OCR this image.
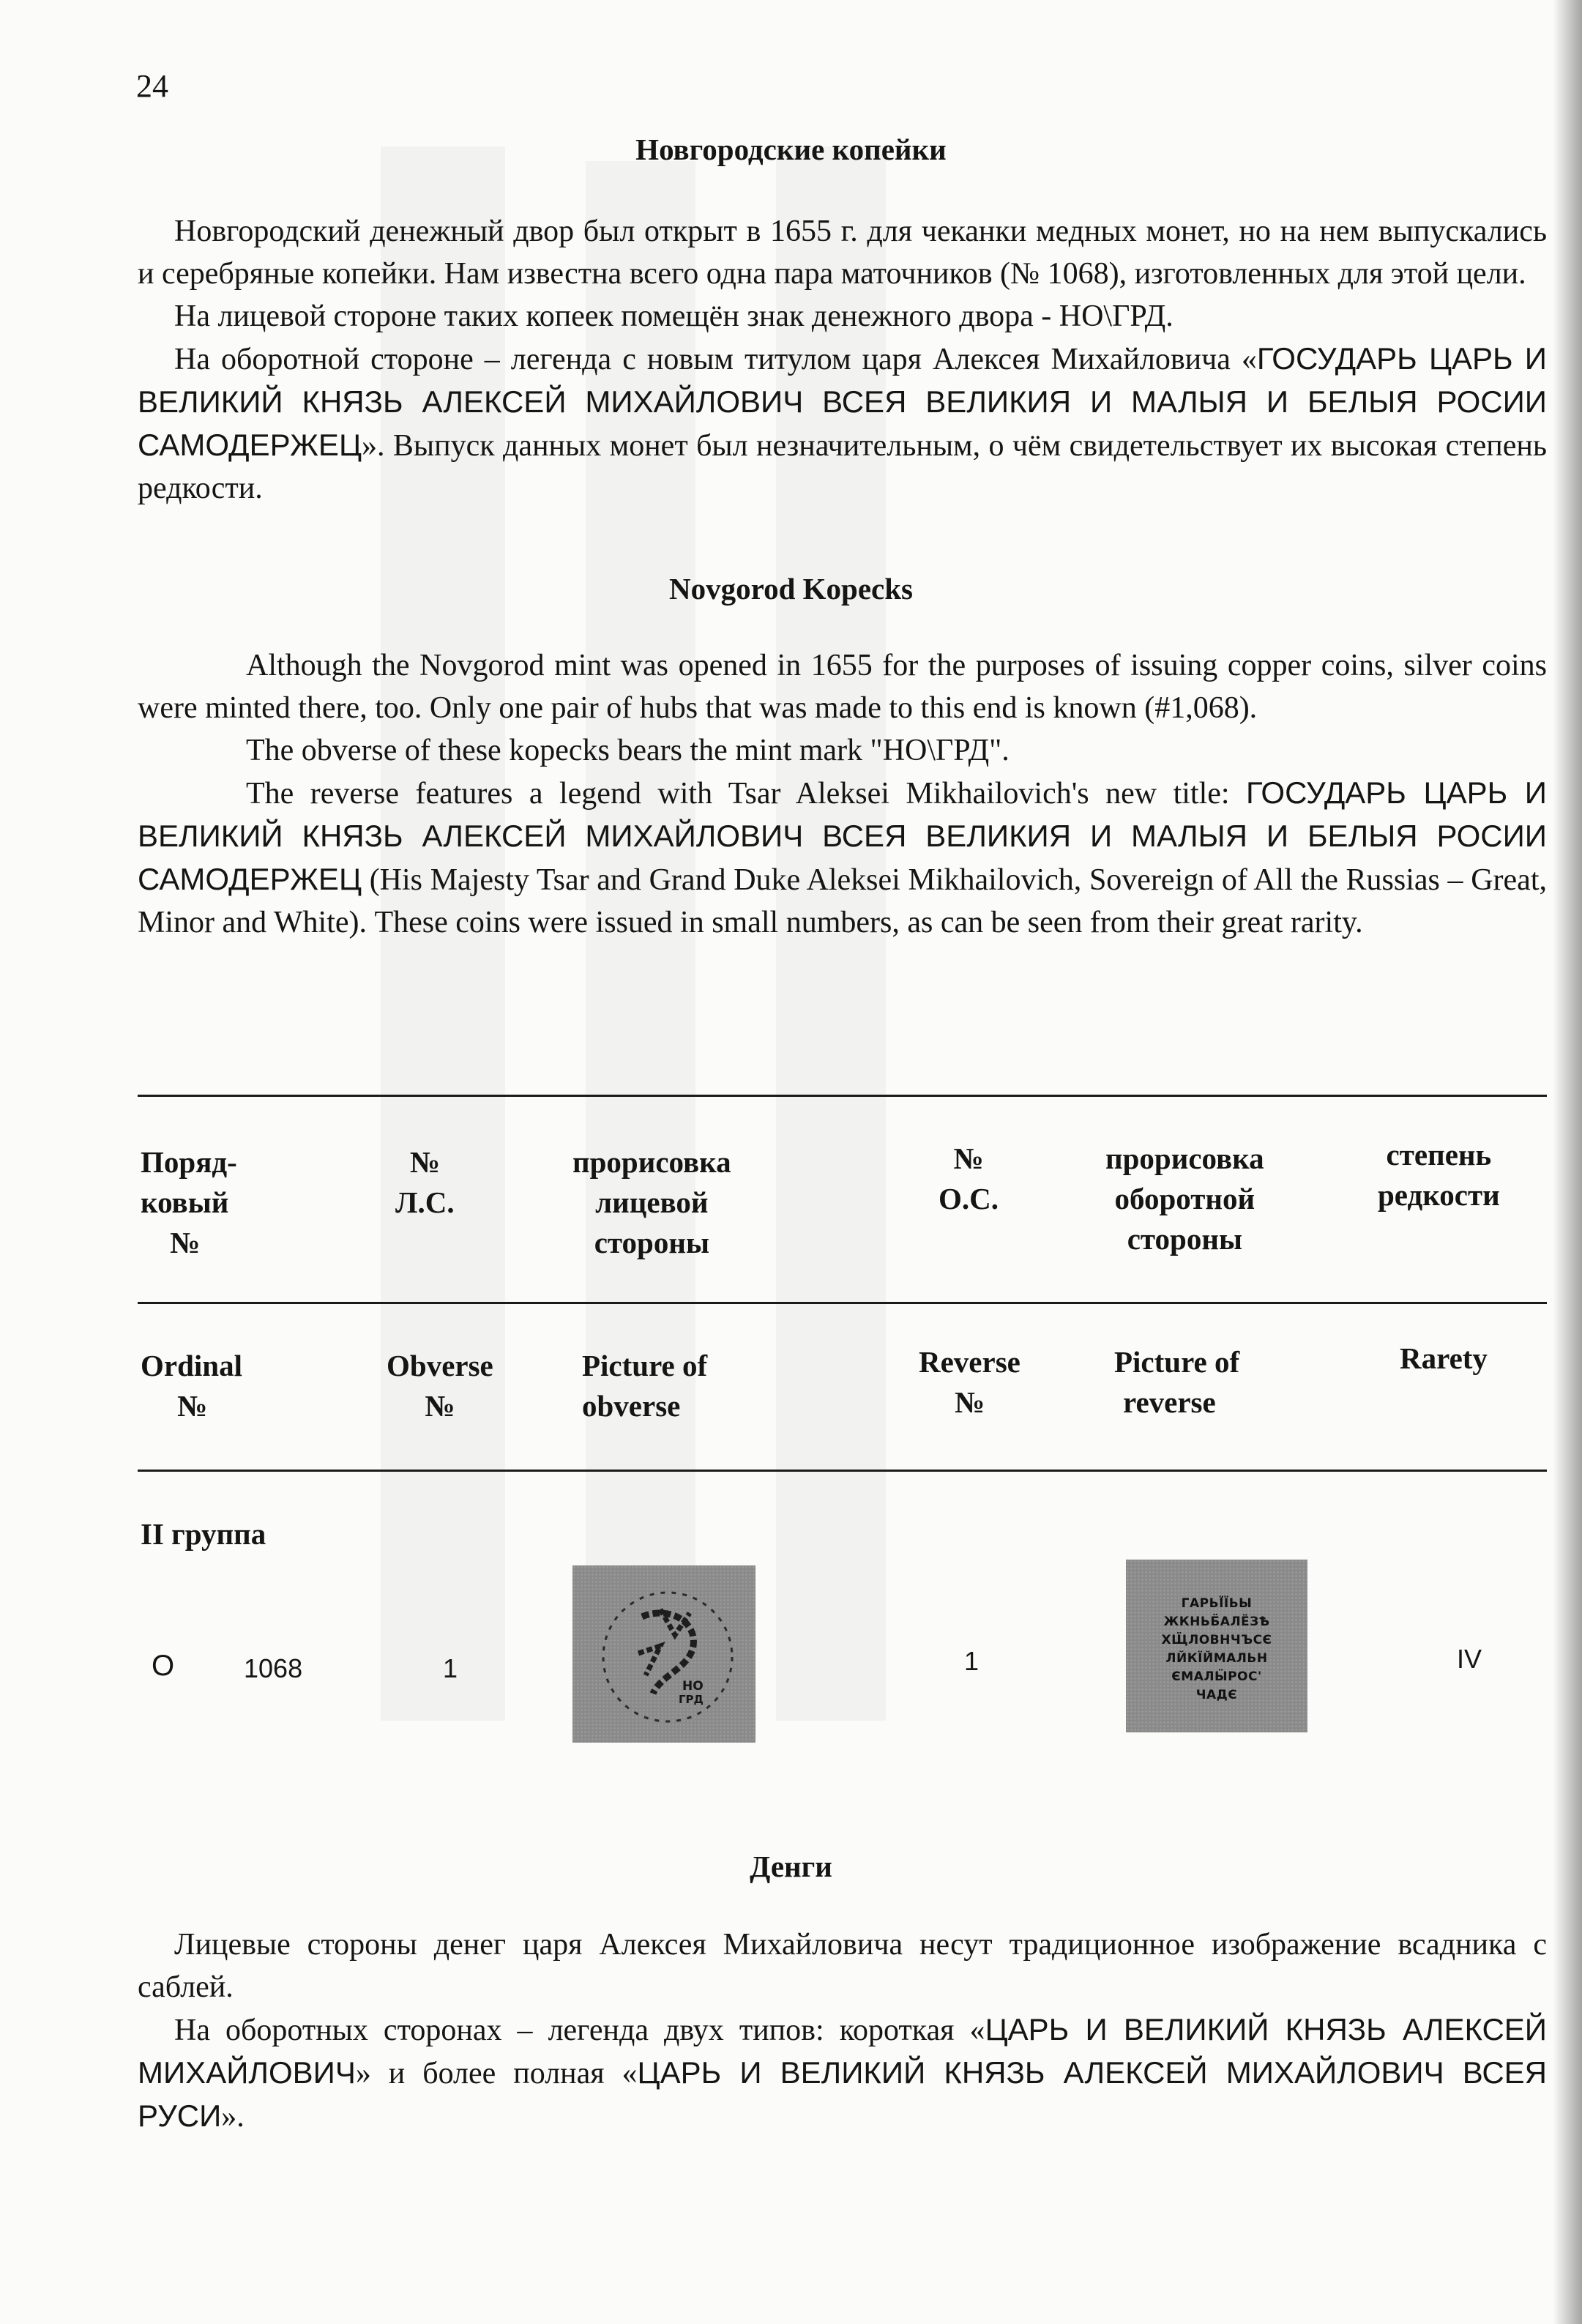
24
Новгородские копейки

Новгородский денежный двор был открыт в 1655 г. для чеканки медных монет, но на нем выпускались и серебряные копейки. Нам известна всего одна пара маточников (№ 1068), изготовленных для этой цели.

На лицевой стороне таких копеек помещён знак денежного двора - НО\ГРД.

На оборотной стороне – легенда с новым титулом царя Алексея Михайловича «ГОСУДАРЬ ЦАРЬ И ВЕЛИКИЙ КНЯЗЬ АЛЕКСЕЙ МИХАЙЛОВИЧ ВСЕЯ ВЕЛИКИЯ И МАЛЫЯ И БЕЛЫЯ РОСИИ САМОДЕРЖЕЦ». Выпуск данных монет был незначительным, о чём свидетельствует их высокая степень редкости.

Novgorod Kopecks

Although the Novgorod mint was opened in 1655 for the purposes of issuing copper coins, silver coins were minted there, too. Only one pair of hubs that was made to this end is known (#1,068).

The obverse of these kopecks bears the mint mark "НО\ГРД".

The reverse features a legend with Tsar Aleksei Mikhailovich's new title: ГОСУДАРЬ ЦАРЬ И ВЕЛИКИЙ КНЯЗЬ АЛЕКСЕЙ МИХАЙЛОВИЧ ВСЕЯ ВЕЛИКИЯ И МАЛЫЯ И БЕЛЫЯ РОСИИ САМОДЕРЖЕЦ (His Majesty Tsar and Grand Duke Aleksei Mikhailovich, Sovereign of All the Russias – Great, Minor and White). These coins were issued in small numbers, as can be seen from their great rarity.

Поряд-
ковый
№
№
Л.С.
прорисовка
лицевой
стороны
№
О.С.
прорисовка
оборотной
стороны
степень
редкости
Ordinal
№
Obverse
№
Picture of
obverse
Reverse
№
Picture of
reverse
Rarety
II группа
О	1068	1
НО
ГРД
1
ГАРЬЇ́ЇЬЫ
ЖКНЬБ̈АЛЁЗѢ
ХЩ̈ЛОВНЧЪСЄ
ЛЙКЇЙ̈МАЛЬН
ЄМАЛӸРОС'
ЧАДЄ
IV
Денги

Лицевые стороны денег царя Алексея Михайловича несут традиционное изображение всадника с саблей.

На оборотных сторонах – легенда двух типов: короткая «ЦАРЬ И ВЕЛИКИЙ КНЯЗЬ АЛЕКСЕЙ МИХАЙЛОВИЧ» и более полная «ЦАРЬ И ВЕЛИКИЙ КНЯЗЬ АЛЕКСЕЙ МИХАЙЛОВИЧ ВСЕЯ РУСИ».
